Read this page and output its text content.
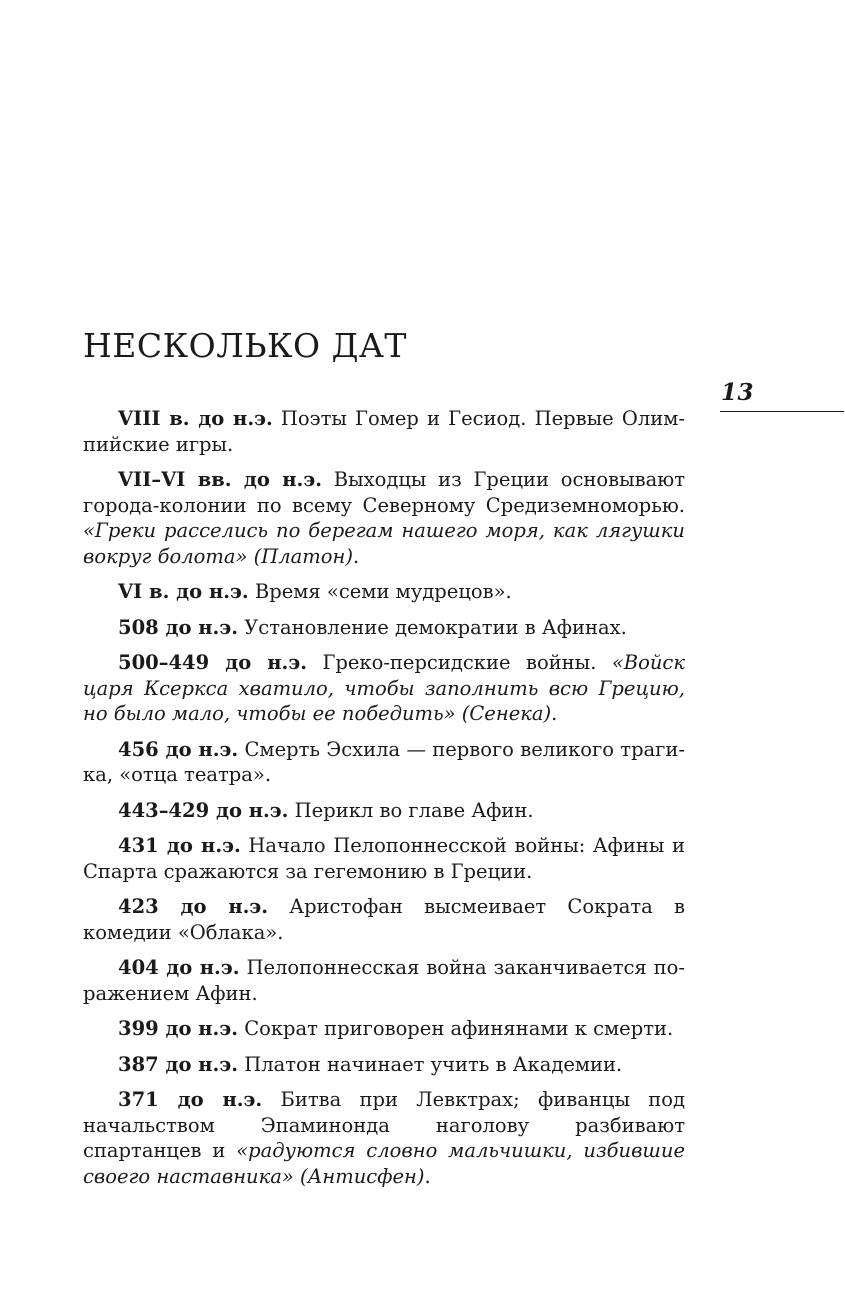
НЕСКОЛЬКО ДАТ
13

VIII в. до н.э. Поэты Гомер и Гесиод. Первые Олимпийские игры.

VII–VI вв. до н.э. Выходцы из Греции основывают города-колонии по всему Северному Средиземноморью. «Греки расселись по берегам нашего моря, как лягушки вокруг болота» (Платон).

VI в. до н.э. Время «семи мудрецов».

508 до н.э. Установление демократии в Афинах.

500–449 до н.э. Греко-персидские войны. «Войск царя Ксеркса хватило, чтобы заполнить всю Грецию, но было мало, чтобы ее победить» (Сенека).

456 до н.э. Смерть Эсхила — первого великого трагика, «отца театра».

443–429 до н.э. Перикл во главе Афин.

431 до н.э. Начало Пелопоннесской войны: Афины и Спарта сражаются за гегемонию в Греции.

423 до н.э. Аристофан высмеивает Сократа в комедии «Облака».

404 до н.э. Пелопоннесская война заканчивается поражением Афин.

399 до н.э. Сократ приговорен афинянами к смерти.

387 до н.э. Платон начинает учить в Академии.

371 до н.э. Битва при Левктрах; фиванцы под начальством Эпаминонда наголову разбивают спартанцев и «радуются словно мальчишки, избившие своего наставника» (Антисфен).
